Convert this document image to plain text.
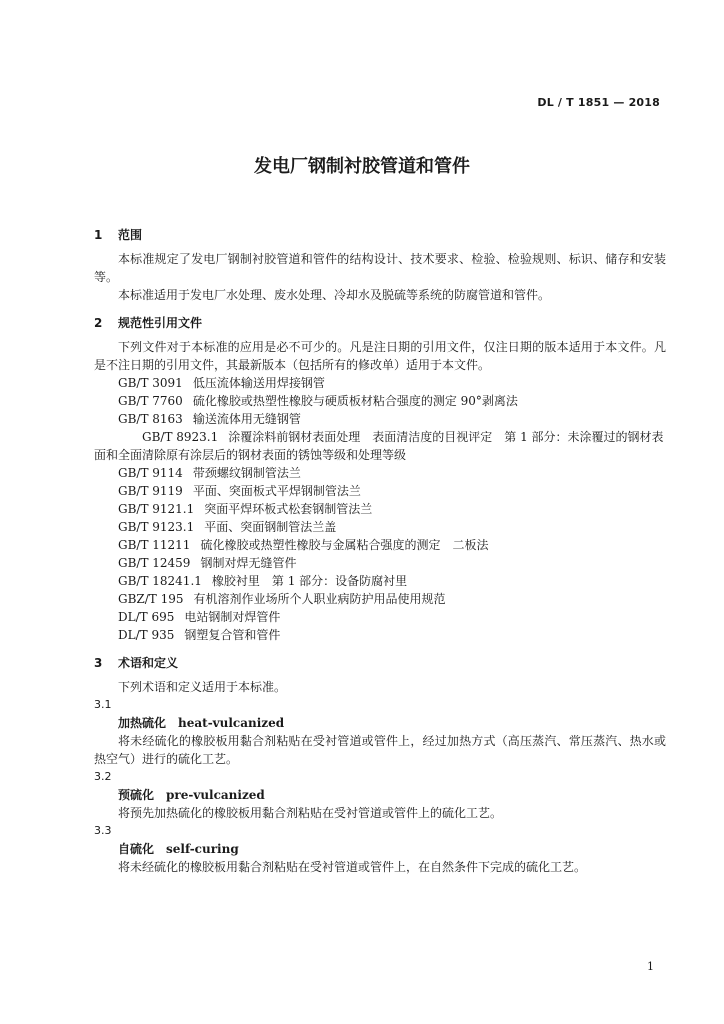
DL / T 1851 — 2018
发电厂钢制衬胶管道和管件
1 范围

本标准规定了发电厂钢制衬胶管道和管件的结构设计、技术要求、检验、检验规则、标识、储存和安装等。

本标准适用于发电厂水处理、废水处理、冷却水及脱硫等系统的防腐管道和管件。

2 规范性引用文件

下列文件对于本标准的应用是必不可少的。凡是注日期的引用文件，仅注日期的版本适用于本文件。凡是不注日期的引用文件，其最新版本（包括所有的修改单）适用于本文件。

GB/T 3091 低压流体输送用焊接钢管
GB/T 7760 硫化橡胶或热塑性橡胶与硬质板材粘合强度的测定 90°剥离法
GB/T 8163 输送流体用无缝钢管
GB/T 8923.1 涂覆涂料前钢材表面处理　表面清洁度的目视评定　第 1 部分：未涂覆过的钢材表面和全面清除原有涂层后的钢材表面的锈蚀等级和处理等级
GB/T 9114 带颈螺纹钢制管法兰
GB/T 9119 平面、突面板式平焊钢制管法兰
GB/T 9121.1 突面平焊环板式松套钢制管法兰
GB/T 9123.1 平面、突面钢制管法兰盖
GB/T 11211 硫化橡胶或热塑性橡胶与金属粘合强度的测定　二板法
GB/T 12459 钢制对焊无缝管件
GB/T 18241.1 橡胶衬里　第 1 部分：设备防腐衬里
GBZ/T 195 有机溶剂作业场所个人职业病防护用品使用规范
DL/T 695 电站钢制对焊管件
DL/T 935 钢塑复合管和管件
3 术语和定义

下列术语和定义适用于本标准。

3.1

加热硫化 heat-vulcanized

将未经硫化的橡胶板用黏合剂粘贴在受衬管道或管件上，经过加热方式（高压蒸汽、常压蒸汽、热水或热空气）进行的硫化工艺。

3.2

预硫化 pre-vulcanized

将预先加热硫化的橡胶板用黏合剂粘贴在受衬管道或管件上的硫化工艺。

3.3

自硫化 self-curing

将未经硫化的橡胶板用黏合剂粘贴在受衬管道或管件上，在自然条件下完成的硫化工艺。

1
